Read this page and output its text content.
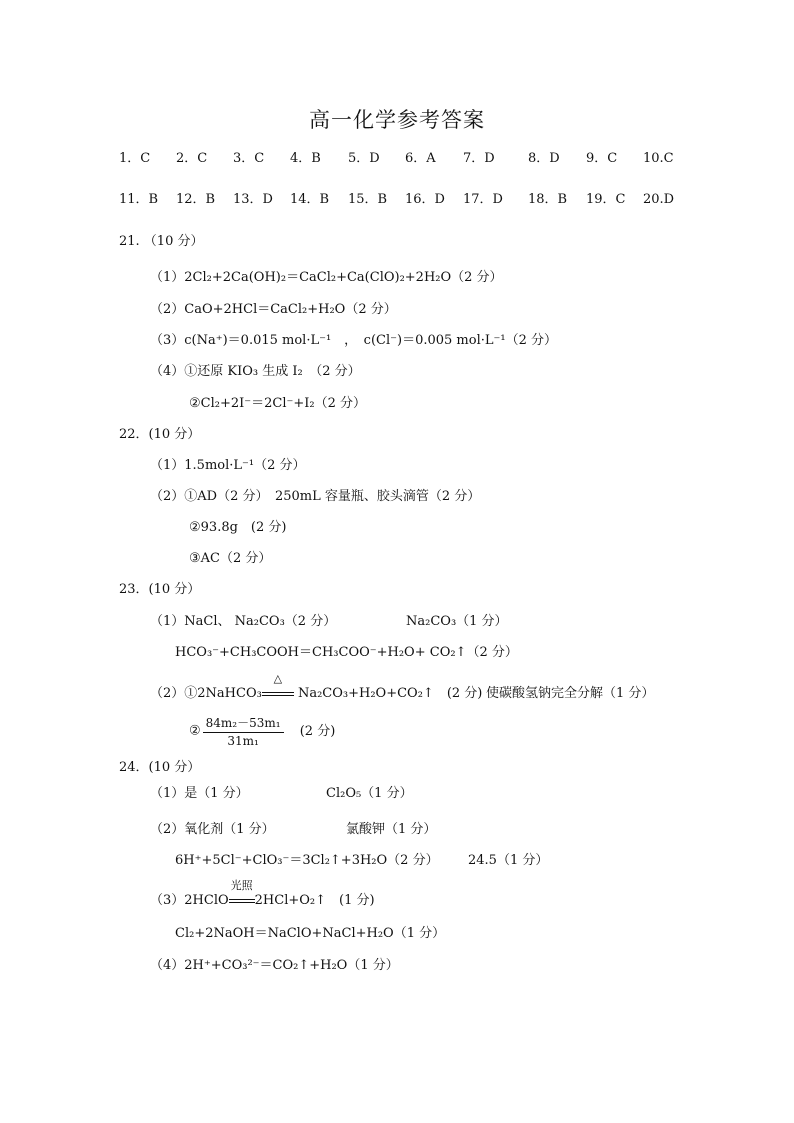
高一化学参考答案
1．C 2．C 3．C 4．B 5．D 6．A 7．D	8．D 9．C 10.C
11．B 12．B 13．D 14．B 15．B 16．D 17．D 18．B 19．C 20.D
21. （10 分）
（1）2Cl₂+2Ca(OH)₂＝CaCl₂+Ca(ClO)₂+2H₂O（2 分）
（2）CaO+2HCl＝CaCl₂+H₂O（2 分）
（3）c(Na⁺)＝0.015 mol·L⁻¹　，　c(Cl⁻)＝0.005 mol·L⁻¹（2 分）
（4）①还原 KIO₃ 生成 I₂　（2 分）
②Cl₂+2I⁻＝2Cl⁻+I₂（2 分）
22．(10 分）
（1）1.5mol·L⁻¹（2 分）
（2）①AD（2 分）　250mL 容量瓶、胶头滴管（2 分）
②93.8g　(2 分)
③AC（2 分）
23．(10 分）
（1）NaCl、 Na₂CO₃（2 分）	Na₂CO₃（1 分）
HCO₃⁻+CH₃COOH＝CH₃COO⁻+H₂O+ CO₂↑（2 分）
（2）①2NaHCO₃
△
Na₂CO₃+H₂O+CO₂↑　(2 分) 使碳酸氢钠完全分解（1 分）
② $\frac{\text{84m₂－53m₁}}{\text{31m₁}} (2$ 分)
24．(10 分）
（1）是（1 分）	Cl₂O₅（1 分）
（2）氧化剂（1 分）	氯酸钾（1 分）
6H⁺+5Cl⁻+ClO₃⁻＝3Cl₂↑+3H₂O（2 分） 24.5（1 分）
（3）2HClO
光照
2HCl+O₂↑　(1 分)
Cl₂+2NaOH＝NaClO+NaCl+H₂O（1 分）
（4）2H⁺+CO₃²⁻＝CO₂↑+H₂O（1 分）
